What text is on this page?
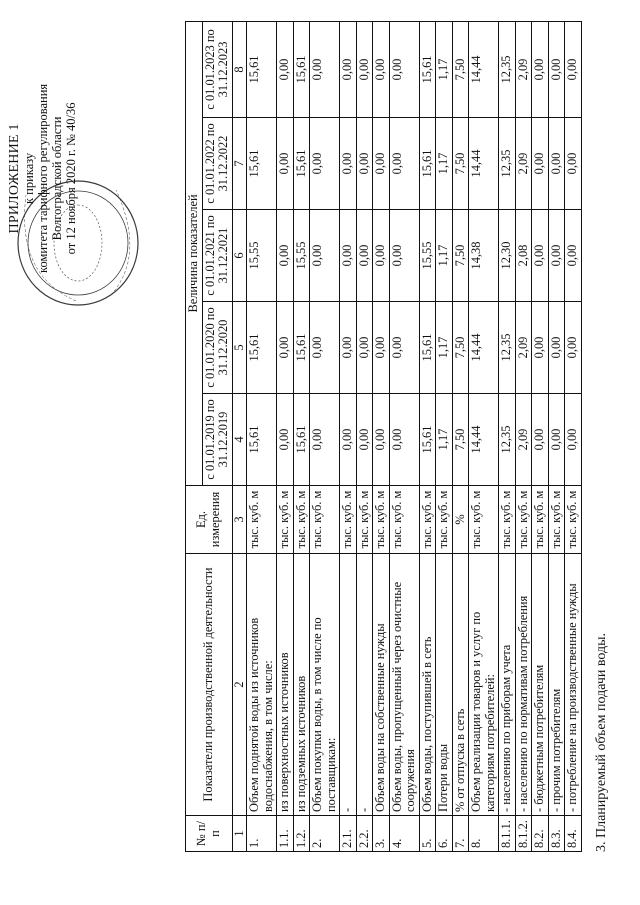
ПРИЛОЖЕНИЕ 1 к приказу комитета тарифного регулирования Волгоградской области от 12 ноября 2020 г. № 40/36
3. Планируемый объем подачи воды.
№ п/п	Показатели производственной деятельности	Ед. измерения	Величина показателей				
			с 01.01.2019 по 31.12.2019	с 01.01.2020 по 31.12.2020	с 01.01.2021 по 31.12.2021	с 01.01.2022 по 31.12.2022	с 01.01.2023 по 31.12.2023
1	2	3	4	5	6	7	8
1.	Объем поднятой воды из источников водоснабжения, в том числе:	тыс. куб. м	15,61	15,61	15,55	15,61	15,61
1.1.	из поверхностных источников	тыс. куб. м	0,00	0,00	0,00	0,00	0,00
1.2.	из подземных источников	тыс. куб. м	15,61	15,61	15,55	15,61	15,61
2.	Объем покупки воды, в том числе по поставщикам:	тыс. куб. м	0,00	0,00	0,00	0,00	0,00
2.1.	-	тыс. куб. м	0,00	0,00	0,00	0,00	0,00
2.2.	-	тыс. куб. м	0,00	0,00	0,00	0,00	0,00
3.	Объем воды на собственные нужды	тыс. куб. м	0,00	0,00	0,00	0,00	0,00
4.	Объем воды, пропущенный через очистные сооружения	тыс. куб. м	0,00	0,00	0,00	0,00	0,00
5.	Объем воды, поступившей в сеть	тыс. куб. м	15,61	15,61	15,55	15,61	15,61
6.	Потери воды	тыс. куб. м	1,17	1,17	1,17	1,17	1,17
7.	% от отпуска в сеть	%	7,50	7,50	7,50	7,50	7,50
8.	Объем реализации товаров и услуг по категориям потребителей:	тыс. куб. м	14,44	14,44	14,38	14,44	14,44
8.1.1.	- населению по приборам учета	тыс. куб. м	12,35	12,35	12,30	12,35	12,35
8.1.2.	- населению по нормативам потребления	тыс. куб. м	2,09	2,09	2,08	2,09	2,09
8.2.	- бюджетным потребителям	тыс. куб. м	0,00	0,00	0,00	0,00	0,00
8.3.	- прочим потребителям	тыс. куб. м	0,00	0,00	0,00	0,00	0,00
8.4.	- потребление на производственные нужды	тыс. куб. м	0,00	0,00	0,00	0,00	0,00
